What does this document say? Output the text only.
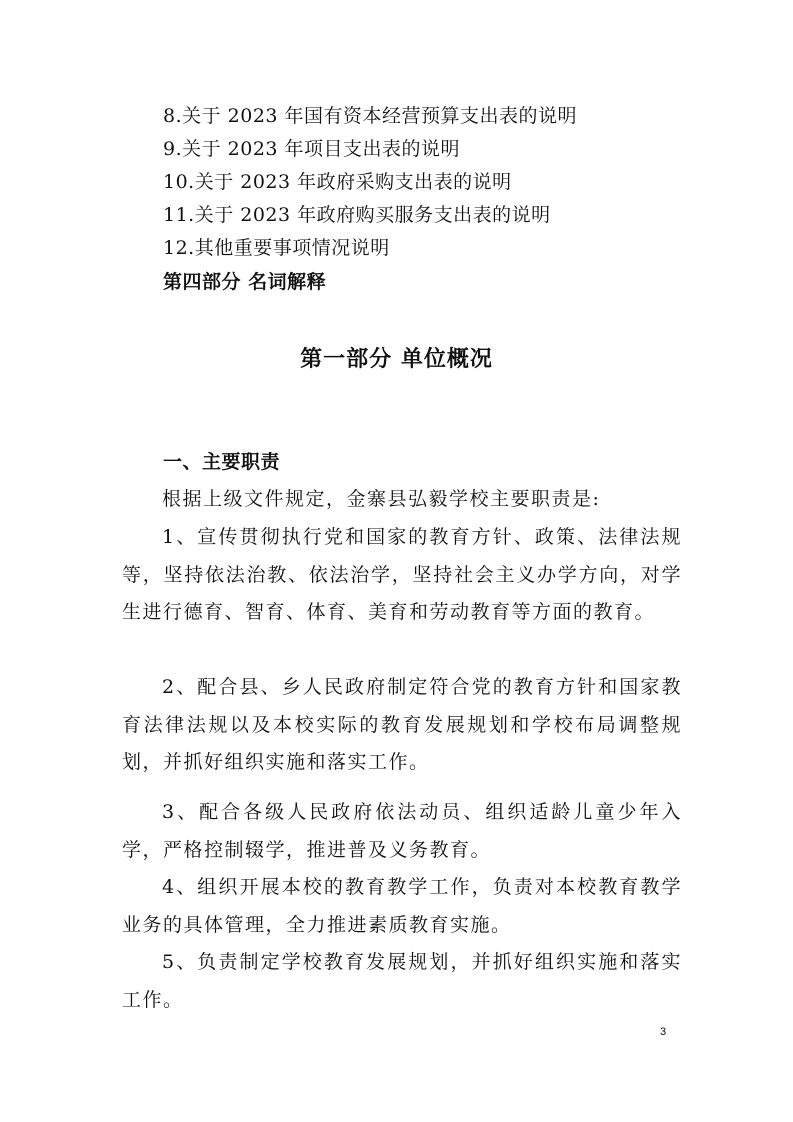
8.关于 2023 年国有资本经营预算支出表的说明
9.关于 2023 年项目支出表的说明
10.关于 2023 年政府采购支出表的说明
11.关于 2023 年政府购买服务支出表的说明
12.其他重要事项情况说明
第四部分 名词解释
第一部分 单位概况
一、主要职责

根据上级文件规定，金寨县弘毅学校主要职责是:

1、宣传贯彻执行党和国家的教育方针、政策、法律法规等，坚持依法治教、依法治学，坚持社会主义办学方向，对学生进行德育、智育、体育、美育和劳动教育等方面的教育。

2、配合县、乡人民政府制定符合党的教育方针和国家教育法律法规以及本校实际的教育发展规划和学校布局调整规划，并抓好组织实施和落实工作。

3、配合各级人民政府依法动员、组织适龄儿童少年入学，严格控制辍学，推进普及义务教育。

4、组织开展本校的教育教学工作，负责对本校教育教学业务的具体管理，全力推进素质教育实施。

5、负责制定学校教育发展规划，并抓好组织实施和落实工作。

3
